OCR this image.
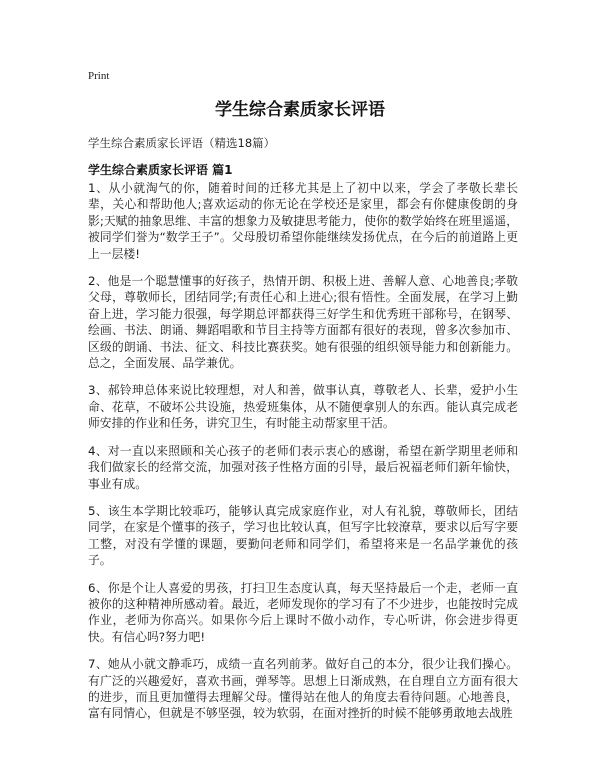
Print
学生综合素质家长评语
学生综合素质家长评语（精选18篇）
学生综合素质家长评语 篇1

1、从小就淘气的你，随着时间的迁移尤其是上了初中以来，学会了孝敬长辈长辈，关心和帮助他人;喜欢运动的你无论在学校还是家里，都会有你健康俊朗的身影;天赋的抽象思维、丰富的想象力及敏捷思考能力，使你的数学始终在班里遥遥，被同学们誉为“数学王子”。父母殷切希望你能继续发扬优点，在今后的前道路上更上一层楼!

2、他是一个聪慧懂事的好孩子，热情开朗、积极上进、善解人意、心地善良;孝敬父母，尊敬师长，团结同学;有责任心和上进心;很有悟性。全面发展，在学习上勤奋上进，学习能力很强，每学期总评都获得三好学生和优秀班干部称号，在钢琴、绘画、书法、朗诵、舞蹈唱歌和节目主持等方面都有很好的表现，曾多次参加市、区级的朗诵、书法、征文、科技比赛获奖。她有很强的组织领导能力和创新能力。总之，全面发展、品学兼优。

3、郝铃珅总体来说比较理想，对人和善，做事认真，尊敬老人、长辈，爱护小生命、花草，不破坏公共设施，热爱班集体，从不随便拿别人的东西。能认真完成老师安排的作业和任务，讲究卫生，有时能主动帮家里干活。

4、对一直以来照顾和关心孩子的老师们表示衷心的感谢，希望在新学期里老师和我们做家长的经常交流，加强对孩子性格方面的引导，最后祝福老师们新年愉快，事业有成。

5、该生本学期比较乖巧，能够认真完成家庭作业，对人有礼貌，尊敬师长，团结同学，在家是个懂事的孩子，学习也比较认真，但写字比较潦草，要求以后写字要工整，对没有学懂的课题，要勤问老师和同学们，希望将来是一名品学兼优的孩子。

6、你是个让人喜爱的男孩，打扫卫生态度认真，每天坚持最后一个走，老师一直被你的这种精神所感动着。最近，老师发现你的学习有了不少进步，也能按时完成作业，老师为你高兴。如果你今后上课时不做小动作，专心听讲，你会进步得更快。有信心吗?努力吧!

7、她从小就文静乖巧，成绩一直名列前茅。做好自己的本分，很少让我们操心。有广泛的兴趣爱好，喜欢书画，弹琴等。思想上日渐成熟，在自理自立方面有很大的进步，而且更加懂得去理解父母。懂得站在他人的角度去看待问题。心地善良，富有同情心，但就是不够坚强，较为软弱，在面对挫折的时候不能够勇敢地去战胜
